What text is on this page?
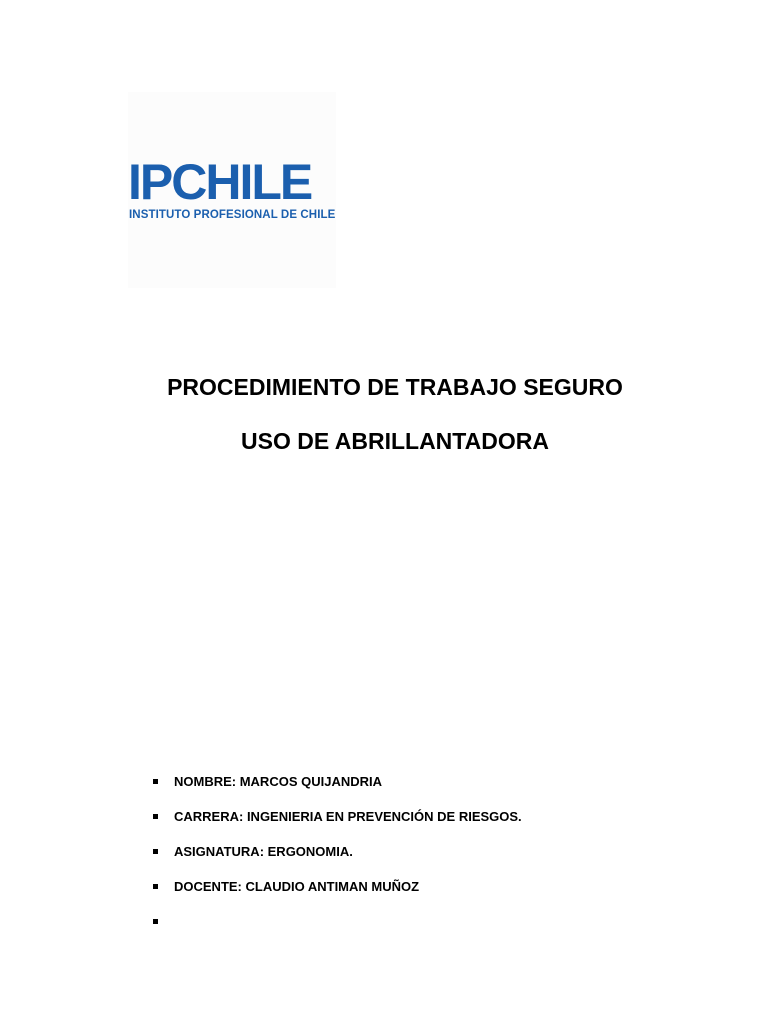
IPCHILE
INSTITUTO PROFESIONAL DE CHILE
PROCEDIMIENTO DE TRABAJO SEGURO
USO DE ABRILLANTADORA
NOMBRE: MARCOS QUIJANDRIA
CARRERA: INGENIERIA EN PREVENCIÓN DE RIESGOS.
ASIGNATURA: ERGONOMIA.
DOCENTE: CLAUDIO ANTIMAN MUÑOZ
